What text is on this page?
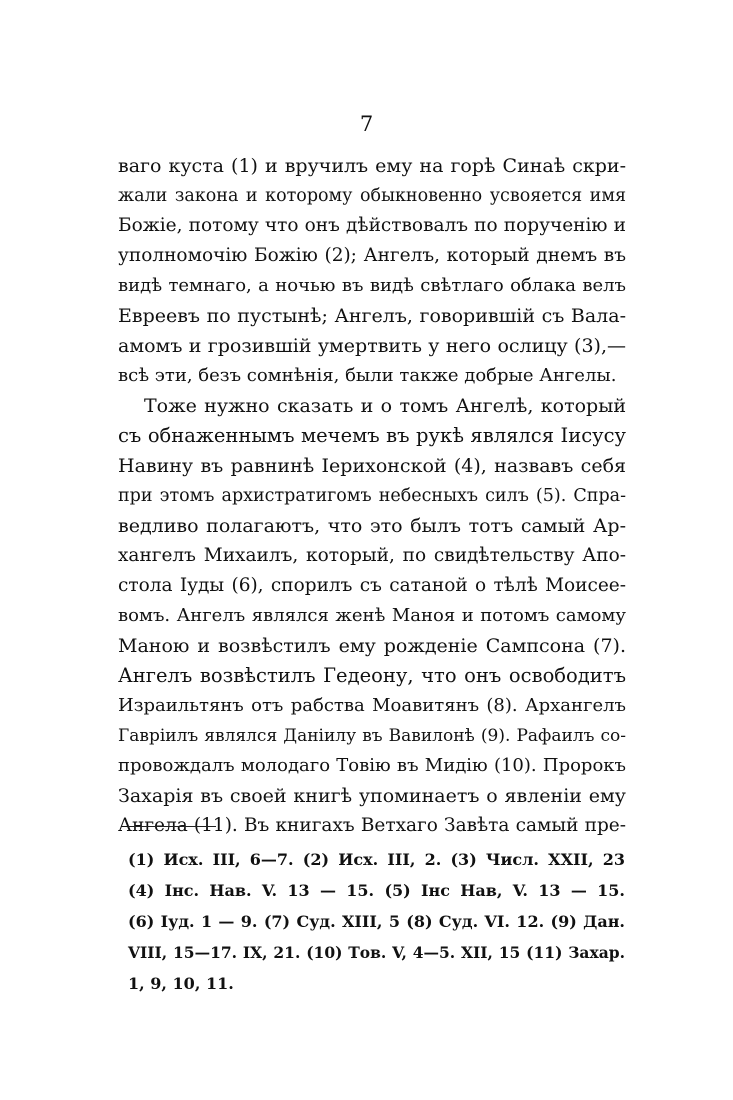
7
ваго куста (1) и вручилъ ему на горѣ Синаѣ скри-
жали закона и которому обыкновенно усвояется имя
Божіе, потому что онъ дѣйствовалъ по порученію и
уполномочію Божію (2); Ангелъ, который днемъ въ
видѣ темнаго, а ночью въ видѣ свѣтлаго облака велъ
Евреевъ по пустынѣ; Ангелъ, говорившій съ Вала-
амомъ и грозившій умертвить у него ослицу (3),—
всѣ эти, безъ сомнѣнія, были также добрые Ангелы.
Тоже нужно сказать и о томъ Ангелѣ, который
съ обнаженнымъ мечемъ въ рукѣ являлся Іисусу
Навину въ равнинѣ Іерихонской (4), назвавъ себя
при этомъ архистратигомъ небесныхъ силъ (5). Спра-
ведливо полагаютъ, что это былъ тотъ самый Ар-
хангелъ Михаилъ, который, по свидѣтельству Апо-
стола Іуды (6), спорилъ съ сатаной о тѣлѣ Моисее-
вомъ. Ангелъ являлся женѣ Маноя и потомъ самому
Маною и возвѣстилъ ему рожденіе Сампсона (7).
Ангелъ возвѣстилъ Гедеону, что онъ освободитъ
Израильтянъ отъ рабства Моавитянъ (8). Архангелъ
Гавріилъ являлся Даніилу въ Вавилонѣ (9). Рафаилъ со-
провождалъ молодаго Товію въ Мидію (10). Пророкъ
Захарія въ своей книгѣ упоминаетъ о явленіи ему
Ангела (11). Въ книгахъ Ветхаго Завѣта самый пре-
(1) Исх. III, 6—7. (2) Исх. III, 2. (3) Числ. XXII, 23
(4) Інс. Нав. V. 13 — 15. (5) Інс Нав, V. 13 — 15.
(6) Іуд. 1 — 9. (7) Суд. XIII, 5 (8) Суд. VI. 12. (9) Дан.
VIII, 15—17. IX, 21. (10) Тов. V, 4—5. XII, 15 (11) Захар.
1, 9, 10, 11.
